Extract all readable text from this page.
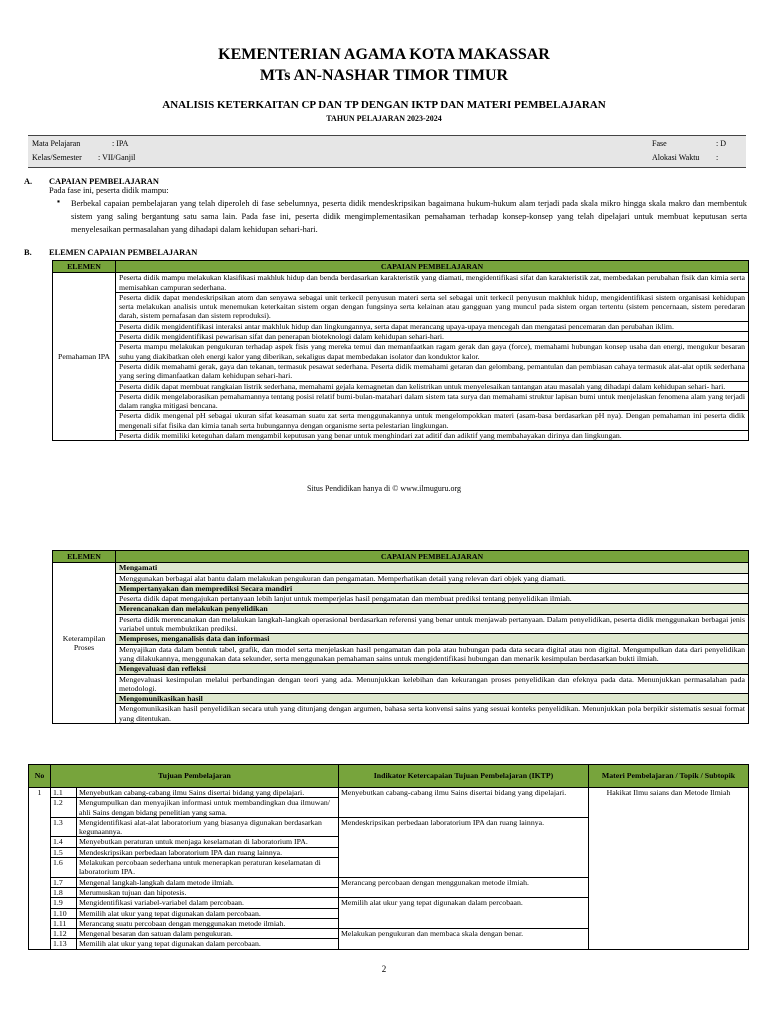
KEMENTERIAN AGAMA KOTA MAKASSAR
MTs AN-NASHAR TIMOR TIMUR
ANALISIS KETERKAITAN CP DAN TP DENGAN IKTP DAN MATERI PEMBELAJARAN
TAHUN PELAJARAN 2023-2024
Mata Pelajaran	: IPA
Kelas/Semester : VII/Ganjil
Fase	: D
Alokasi Waktu :
A. CAPAIAN PEMBELAJARAN
Pada fase ini, peserta didik mampu:
▪ Berbekal capaian pembelajaran yang telah diperoleh di fase sebelumnya, peserta didik mendeskripsikan bagaimana hukum-hukum alam terjadi pada skala mikro hingga skala makro dan membentuk sistem yang saling bergantung satu sama lain. Pada fase ini, peserta didik mengimplementasikan pemahaman terhadap konsep-konsep yang telah dipelajari untuk membuat keputusan serta menyelesaikan permasalahan yang dihadapi dalam kehidupan sehari-hari.
B. ELEMEN CAPAIAN PEMBELAJARAN
ELEMEN	CAPAIAN PEMBELAJARAN
Pemahaman IPA	Peserta didik mampu melakukan klasifikasi makhluk hidup dan benda berdasarkan karakteristik yang diamati, mengidentifikasi sifat dan karakteristik zat, membedakan perubahan fisik dan kimia serta memisahkan campuran sederhana.
	Peserta didik dapat mendeskripsikan atom dan senyawa sebagai unit terkecil penyusun materi serta sel sebagai unit terkecil penyusun makhluk hidup, mengidentifikasi sistem organisasi kehidupan serta melakukan analisis untuk menemukan keterkaitan sistem organ dengan fungsinya serta kelainan atau gangguan yang muncul pada sistem organ tertentu (sistem pencernaan, sistem peredaran darah, sistem pernafasan dan sistem reproduksi).
	Peserta didik mengidentifikasi interaksi antar makhluk hidup dan lingkungannya, serta dapat merancang upaya-upaya mencegah dan mengatasi pencemaran dan perubahan iklim.
	Peserta didik mengidentifikasi pewarisan sifat dan penerapan bioteknologi dalam kehidupan sehari-hari.
	Peserta mampu melakukan pengukuran terhadap aspek fisis yang mereka temui dan memanfaatkan ragam gerak dan gaya (force), memahami hubungan konsep usaha dan energi, mengukur besaran suhu yang diakibatkan oleh energi kalor yang diberikan, sekaligus dapat membedakan isolator dan konduktor kalor.
	Peserta didik memahami gerak, gaya dan tekanan, termasuk pesawat sederhana. Peserta didik memahami getaran dan gelombang, pemantulan dan pembiasan cahaya termasuk alat-alat optik sederhana yang sering dimanfaatkan dalam kehidupan sehari-hari.
	Peserta didik dapat membuat rangkaian listrik sederhana, memahami gejala kemagnetan dan kelistrikan untuk menyelesaikan tantangan atau masalah yang dihadapi dalam kehidupan sehari- hari.
	Peserta didik mengelaborasikan pemahamannya tentang posisi relatif bumi-bulan-matahari dalam sistem tata surya dan memahami struktur lapisan bumi untuk menjelaskan fenomena alam yang terjadi dalam rangka mitigasi bencana.
	Peserta didik mengenal pH sebagai ukuran sifat keasaman suatu zat serta menggunakannya untuk mengelompokkan materi (asam-basa berdasarkan pH nya). Dengan pemahaman ini peserta didik mengenali sifat fisika dan kimia tanah serta hubungannya dengan organisme serta pelestarian lingkungan.
	Peserta didik memiliki keteguhan dalam mengambil keputusan yang benar untuk menghindari zat aditif dan adiktif yang membahayakan dirinya dan lingkungan.
Situs Pendidikan hanya di © www.ilmuguru.org
ELEMEN	CAPAIAN PEMBELAJARAN
Keterampilan Proses	Mengamati
	Menggunakan berbagai alat bantu dalam melakukan pengukuran dan pengamatan. Memperhatikan detail yang relevan dari objek yang diamati.
	Mempertanyakan dan memprediksi Secara mandiri
	Peserta didik dapat mengajukan pertanyaan lebih lanjut untuk memperjelas hasil pengamatan dan membuat prediksi tentang penyelidikan ilmiah.
	Merencanakan dan melakukan penyelidikan
	Peserta didik merencanakan dan melakukan langkah-langkah operasional berdasarkan referensi yang benar untuk menjawab pertanyaan. Dalam penyelidikan, peserta didik menggunakan berbagai jenis variabel untuk membuktikan prediksi.
	Memproses, menganalisis data dan informasi
	Menyajikan data dalam bentuk tabel, grafik, dan model serta menjelaskan hasil pengamatan dan pola atau hubungan pada data secara digital atau non digital. Mengumpulkan data dari penyelidikan yang dilakukannya, menggunakan data sekunder, serta menggunakan pemahaman sains untuk mengidentifikasi hubungan dan menarik kesimpulan berdasarkan bukti ilmiah.
	Mengevaluasi dan refleksi
	Mengevaluasi kesimpulan melalui perbandingan dengan teori yang ada. Menunjukkan kelebihan dan kekurangan proses penyelidikan dan efeknya pada data. Menunjukkan permasalahan pada metodologi.
	Mengomunikasikan hasil
	Mengomunikasikan hasil penyelidikan secara utuh yang ditunjang dengan argumen, bahasa serta konvensi sains yang sesuai konteks penyelidikan. Menunjukkan pola berpikir sistematis sesuai format yang ditentukan.
No	Tujuan Pembelajaran		Indikator Ketercapaian Tujuan Pembelajaran (IKTP)	Materi Pembelajaran / Topik / Subtopik
1	1.1	Menyebutkan cabang-cabang ilmu Sains disertai bidang yang dipelajari.	Menyebutkan cabang-cabang ilmu Sains disertai bidang yang dipelajari.	Hakikat Ilmu saians dan Metode Ilmiah
	1.2	Mengumpulkan dan menyajikan informasi untuk membandingkan dua ilmuwan/ ahli Sains dengan bidang penelitian yang sama.		
	1.3	Mengidentifikasi alat-alat laboratorium yang biasanya digunakan berdasarkan kegunaannya.	Mendeskripsikan perbedaan laboratorium IPA dan ruang lainnya.	
	1.4	Menyebutkan peraturan untuk menjaga keselamatan di laboratorium IPA.		
	1.5	Mendeskripsikan perbedaan laboratorium IPA dan ruang lainnya.		
	1.6	Melakukan percobaan sederhana untuk menerapkan peraturan keselamatan di laboratorium IPA.		
	1.7	Mengenal langkah-langkah dalam metode ilmiah.	Merancang percobaan dengan menggunakan metode ilmiah.	
	1.8	Merumuskan tujuan dan hipotesis.		
	1.9	Mengidentifikasi variabel-variabel dalam percobaan.	Memilih alat ukur yang tepat digunakan dalam percobaan.	
	1.10	Memilih alat ukur yang tepat digunakan dalam percobaan.		
	1.11	Merancang suatu percobaan dengan menggunakan metode ilmiah.		
	1.12	Mengenal besaran dan satuan dalam pengukuran.	Melakukan pengukuran dan membaca skala dengan benar.	
	1.13	Memilih alat ukur yang tepat digunakan dalam percobaan.		
2
